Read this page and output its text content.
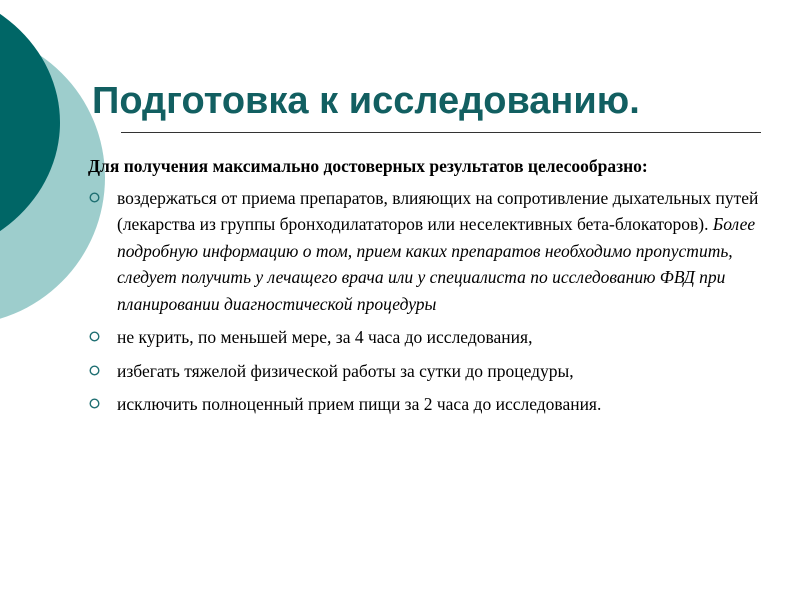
Подготовка к исследованию.

Для получения максимально достоверных результатов целесообразно:

воздержаться от приема препаратов, влияющих на сопротивление дыхательных путей (лекарства из группы бронходилататоров или неселективных бета-блокаторов). Более подробную информацию о том, прием каких препаратов необходимо пропустить, следует получить у лечащего врача или у специалиста по исследованию ФВД при планировании диагностической процедуры
не курить, по меньшей мере, за 4 часа до исследования,
избегать тяжелой физической работы за сутки до процедуры,
исключить полноценный прием пищи за 2 часа до исследования.
